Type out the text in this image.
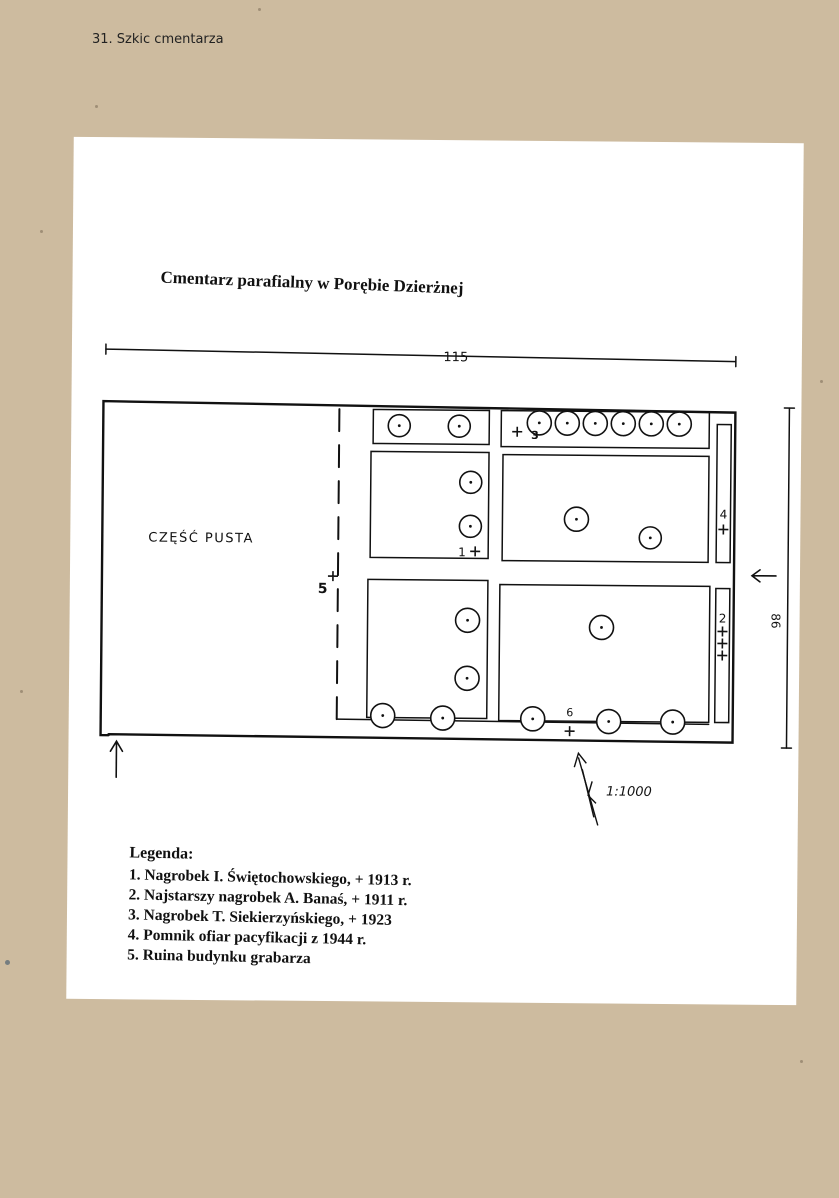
31. Szkic cmentarza
Cmentarz parafialny w Porębie Dzierżnej
115
86
CZĘŚĆ PUSTA
3
1
4
5
2
6
1:1000
Legenda:
1. Nagrobek I. Świętochowskiego, + 1913 r.
2. Najstarszy nagrobek A. Banaś, + 1911 r.
3. Nagrobek T. Siekierzyńskiego, + 1923
4. Pomnik ofiar pacyfikacji z 1944 r.
5. Ruina budynku grabarza
